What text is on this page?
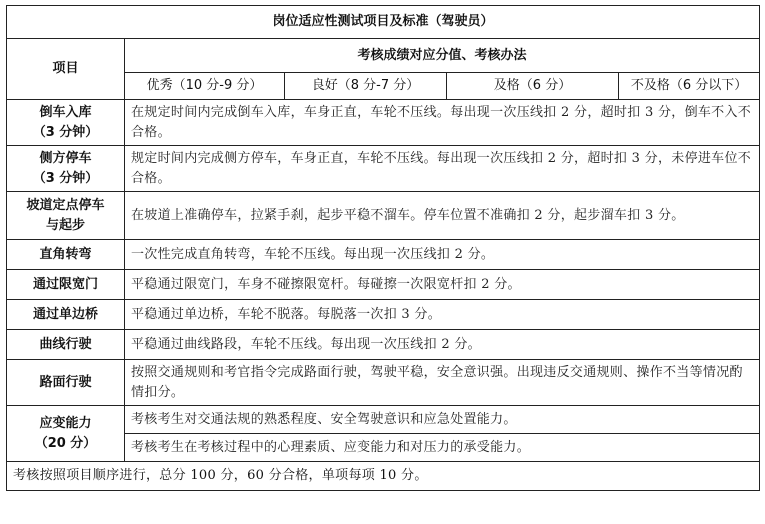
岗位适应性测试项目及标准（驾驶员）				
项目	考核成绩对应分值、考核办法			
	优秀（10 分-9 分）	良好（8 分-7 分）	及格（6 分）	不及格（6 分以下）
倒车入库
（3 分钟）	在规定时间内完成倒车入库，车身正直，车轮不压线。每出现一次压线扣 2 分，超时扣 3 分，倒车不入不合格。			
侧方停车
（3 分钟）	规定时间内完成侧方停车，车身正直，车轮不压线。每出现一次压线扣 2 分，超时扣 3 分，未停进车位不合格。			
坡道定点停车
与起步	在坡道上准确停车，拉紧手刹，起步平稳不溜车。停车位置不准确扣 2 分，起步溜车扣 3 分。			
直角转弯	一次性完成直角转弯，车轮不压线。每出现一次压线扣 2 分。			
通过限宽门	平稳通过限宽门，车身不碰擦限宽杆。每碰擦一次限宽杆扣 2 分。			
通过单边桥	平稳通过单边桥，车轮不脱落。每脱落一次扣 3 分。			
曲线行驶	平稳通过曲线路段，车轮不压线。每出现一次压线扣 2 分。			
路面行驶	按照交通规则和考官指令完成路面行驶，驾驶平稳，安全意识强。出现违反交通规则、操作不当等情况酌情扣分。			
应变能力
（20 分）	考核考生对交通法规的熟悉程度、安全驾驶意识和应急处置能力。			
	考核考生在考核过程中的心理素质、应变能力和对压力的承受能力。			
考核按照项目顺序进行，总分 100 分，60 分合格，单项每项 10 分。				
